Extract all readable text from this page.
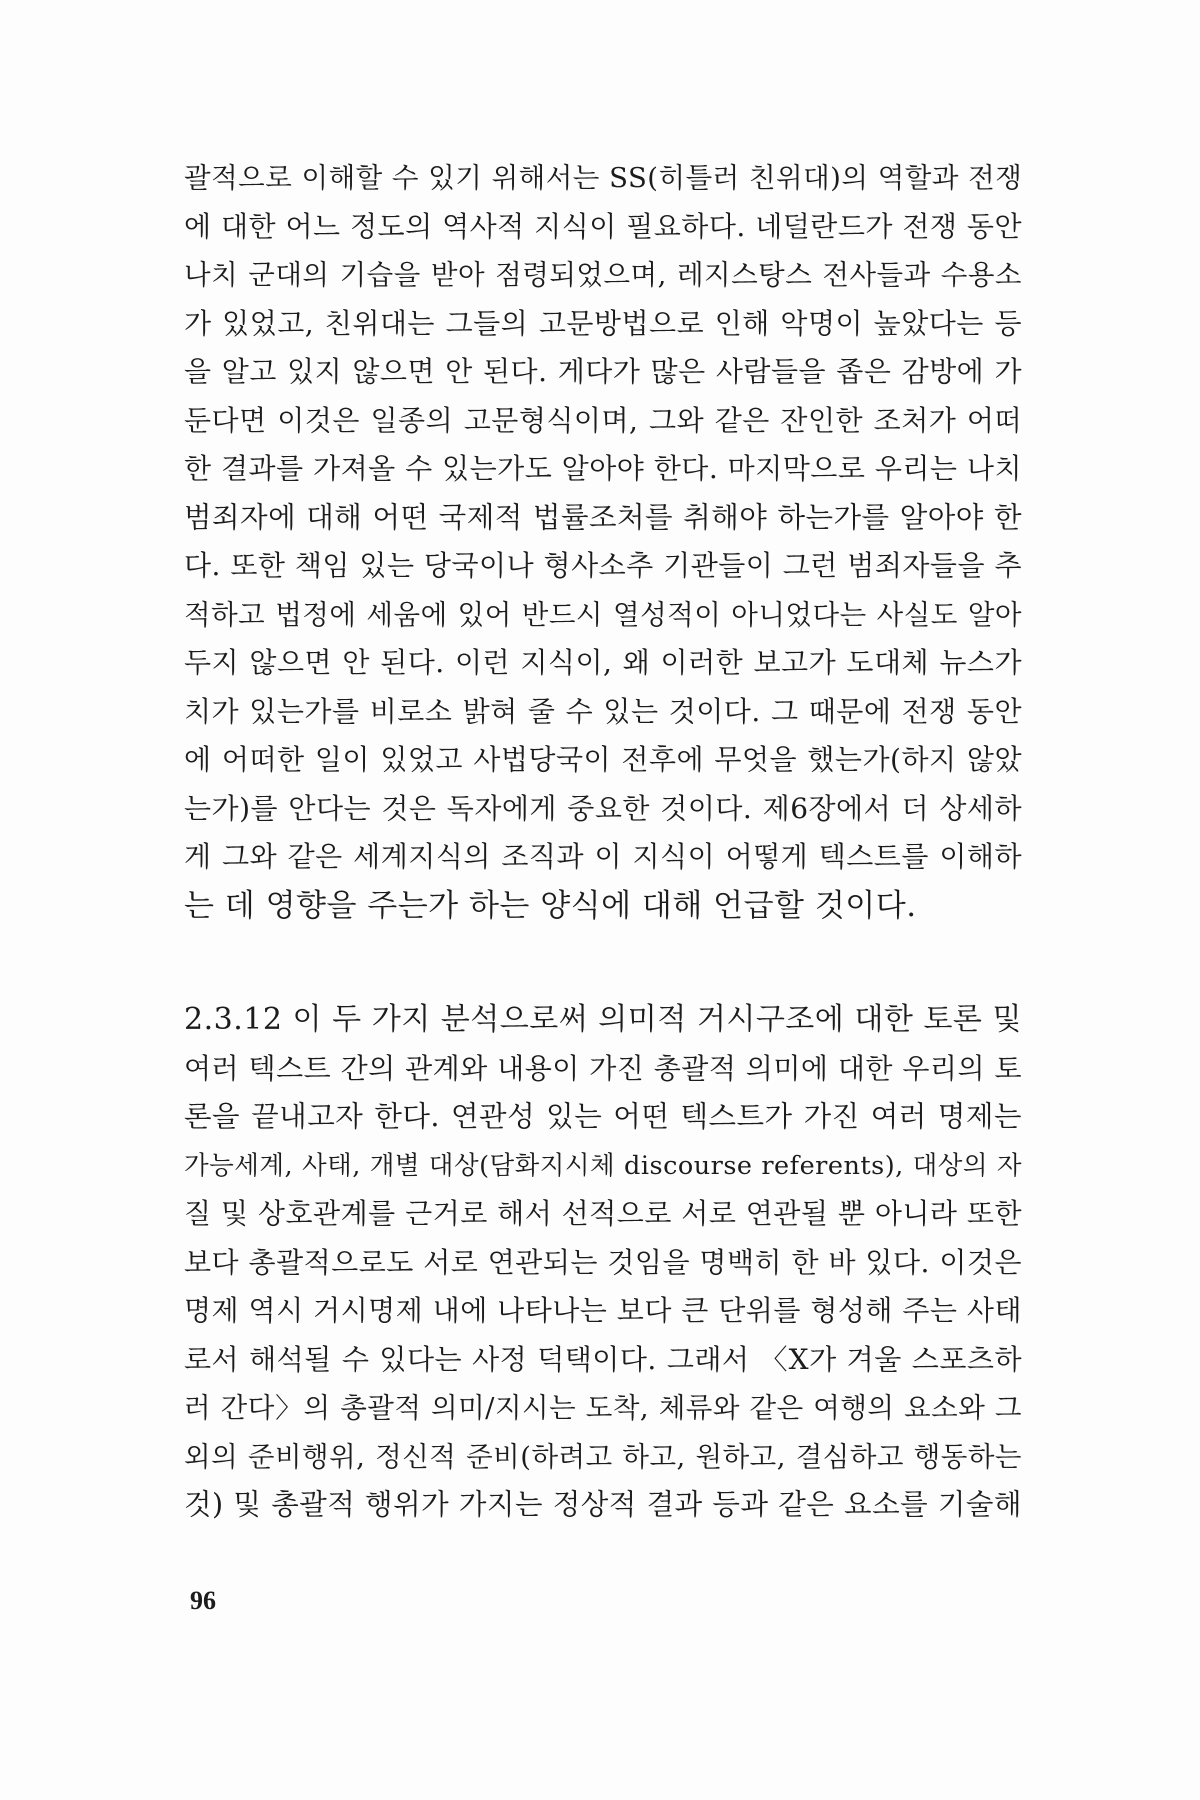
괄적으로 이해할 수 있기 위해서는 SS(히틀러 친위대)의 역할과 전쟁
에 대한 어느 정도의 역사적 지식이 필요하다. 네덜란드가 전쟁 동안
나치 군대의 기습을 받아 점령되었으며, 레지스탕스 전사들과 수용소
가 있었고, 친위대는 그들의 고문방법으로 인해 악명이 높았다는 등
을 알고 있지 않으면 안 된다. 게다가 많은 사람들을 좁은 감방에 가
둔다면 이것은 일종의 고문형식이며, 그와 같은 잔인한 조처가 어떠
한 결과를 가져올 수 있는가도 알아야 한다. 마지막으로 우리는 나치
범죄자에 대해 어떤 국제적 법률조처를 취해야 하는가를 알아야 한
다. 또한 책임 있는 당국이나 형사소추 기관들이 그런 범죄자들을 추
적하고 법정에 세움에 있어 반드시 열성적이 아니었다는 사실도 알아
두지 않으면 안 된다. 이런 지식이, 왜 이러한 보고가 도대체 뉴스가
치가 있는가를 비로소 밝혀 줄 수 있는 것이다. 그 때문에 전쟁 동안
에 어떠한 일이 있었고 사법당국이 전후에 무엇을 했는가(하지 않았
는가)를 안다는 것은 독자에게 중요한 것이다. 제6장에서 더 상세하
게 그와 같은 세계지식의 조직과 이 지식이 어떻게 텍스트를 이해하
는 데 영향을 주는가 하는 양식에 대해 언급할 것이다.
2.3.12 이 두 가지 분석으로써 의미적 거시구조에 대한 토론 및
여러 텍스트 간의 관계와 내용이 가진 총괄적 의미에 대한 우리의 토
론을 끝내고자 한다. 연관성 있는 어떤 텍스트가 가진 여러 명제는
가능세계, 사태, 개별 대상(담화지시체 discourse referents), 대상의 자
질 및 상호관계를 근거로 해서 선적으로 서로 연관될 뿐 아니라 또한
보다 총괄적으로도 서로 연관되는 것임을 명백히 한 바 있다. 이것은
명제 역시 거시명제 내에 나타나는 보다 큰 단위를 형성해 주는 사태
로서 해석될 수 있다는 사정 덕택이다. 그래서 〈X가 겨울 스포츠하
러 간다〉의 총괄적 의미/지시는 도착, 체류와 같은 여행의 요소와 그
외의 준비행위, 정신적 준비(하려고 하고, 원하고, 결심하고 행동하는
것) 및 총괄적 행위가 가지는 정상적 결과 등과 같은 요소를 기술해
96
